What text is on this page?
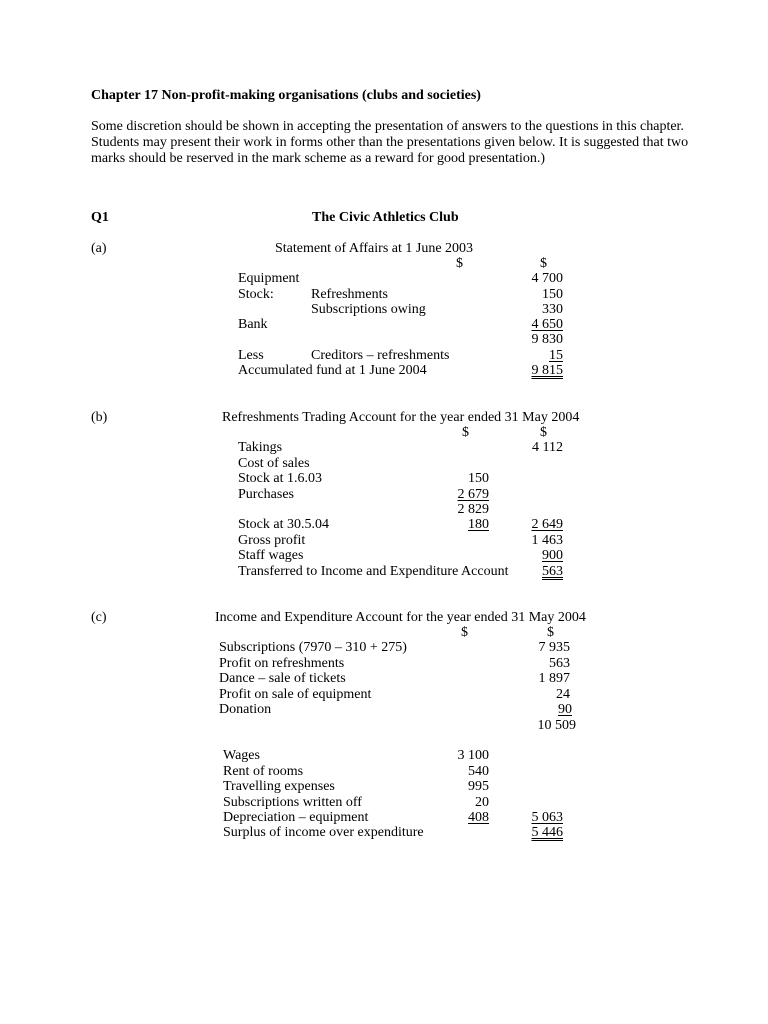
Chapter 17 Non-profit-making organisations (clubs and societies)
Some discretion should be shown in accepting the presentation of answers to the questions in this chapter.
Students may present their work in forms other than the presentations given below. It is suggested that two
marks should be reserved in the mark scheme as a reward for good presentation.)
Q1	The Civic Athletics Club
(a)	Statement of Affairs at 1 June 2003
$	$
Equipment	4 700
Stock:	Refreshments	150
Subscriptions owing	330
Bank	4 650
9 830
Less	Creditors – refreshments	15
Accumulated fund at 1 June 2004	9 815
(b)	Refreshments Trading Account for the year ended 31 May 2004
$	$
Takings	4 112
Cost of sales
Stock at 1.6.03	150
Purchases	2 679
2 829
Stock at 30.5.04	180	2 649
Gross profit	1 463
Staff wages	900
Transferred to Income and Expenditure Account	563
(c)	Income and Expenditure Account for the year ended 31 May 2004
$	$
Subscriptions (7970 – 310 + 275)	7 935
Profit on refreshments	563
Dance – sale of tickets	1 897
Profit on sale of equipment	24
Donation	90
10 509
Wages	3 100
Rent of rooms	540
Travelling expenses	995
Subscriptions written off	20
Depreciation – equipment	408	5 063
Surplus of income over expenditure	5 446
